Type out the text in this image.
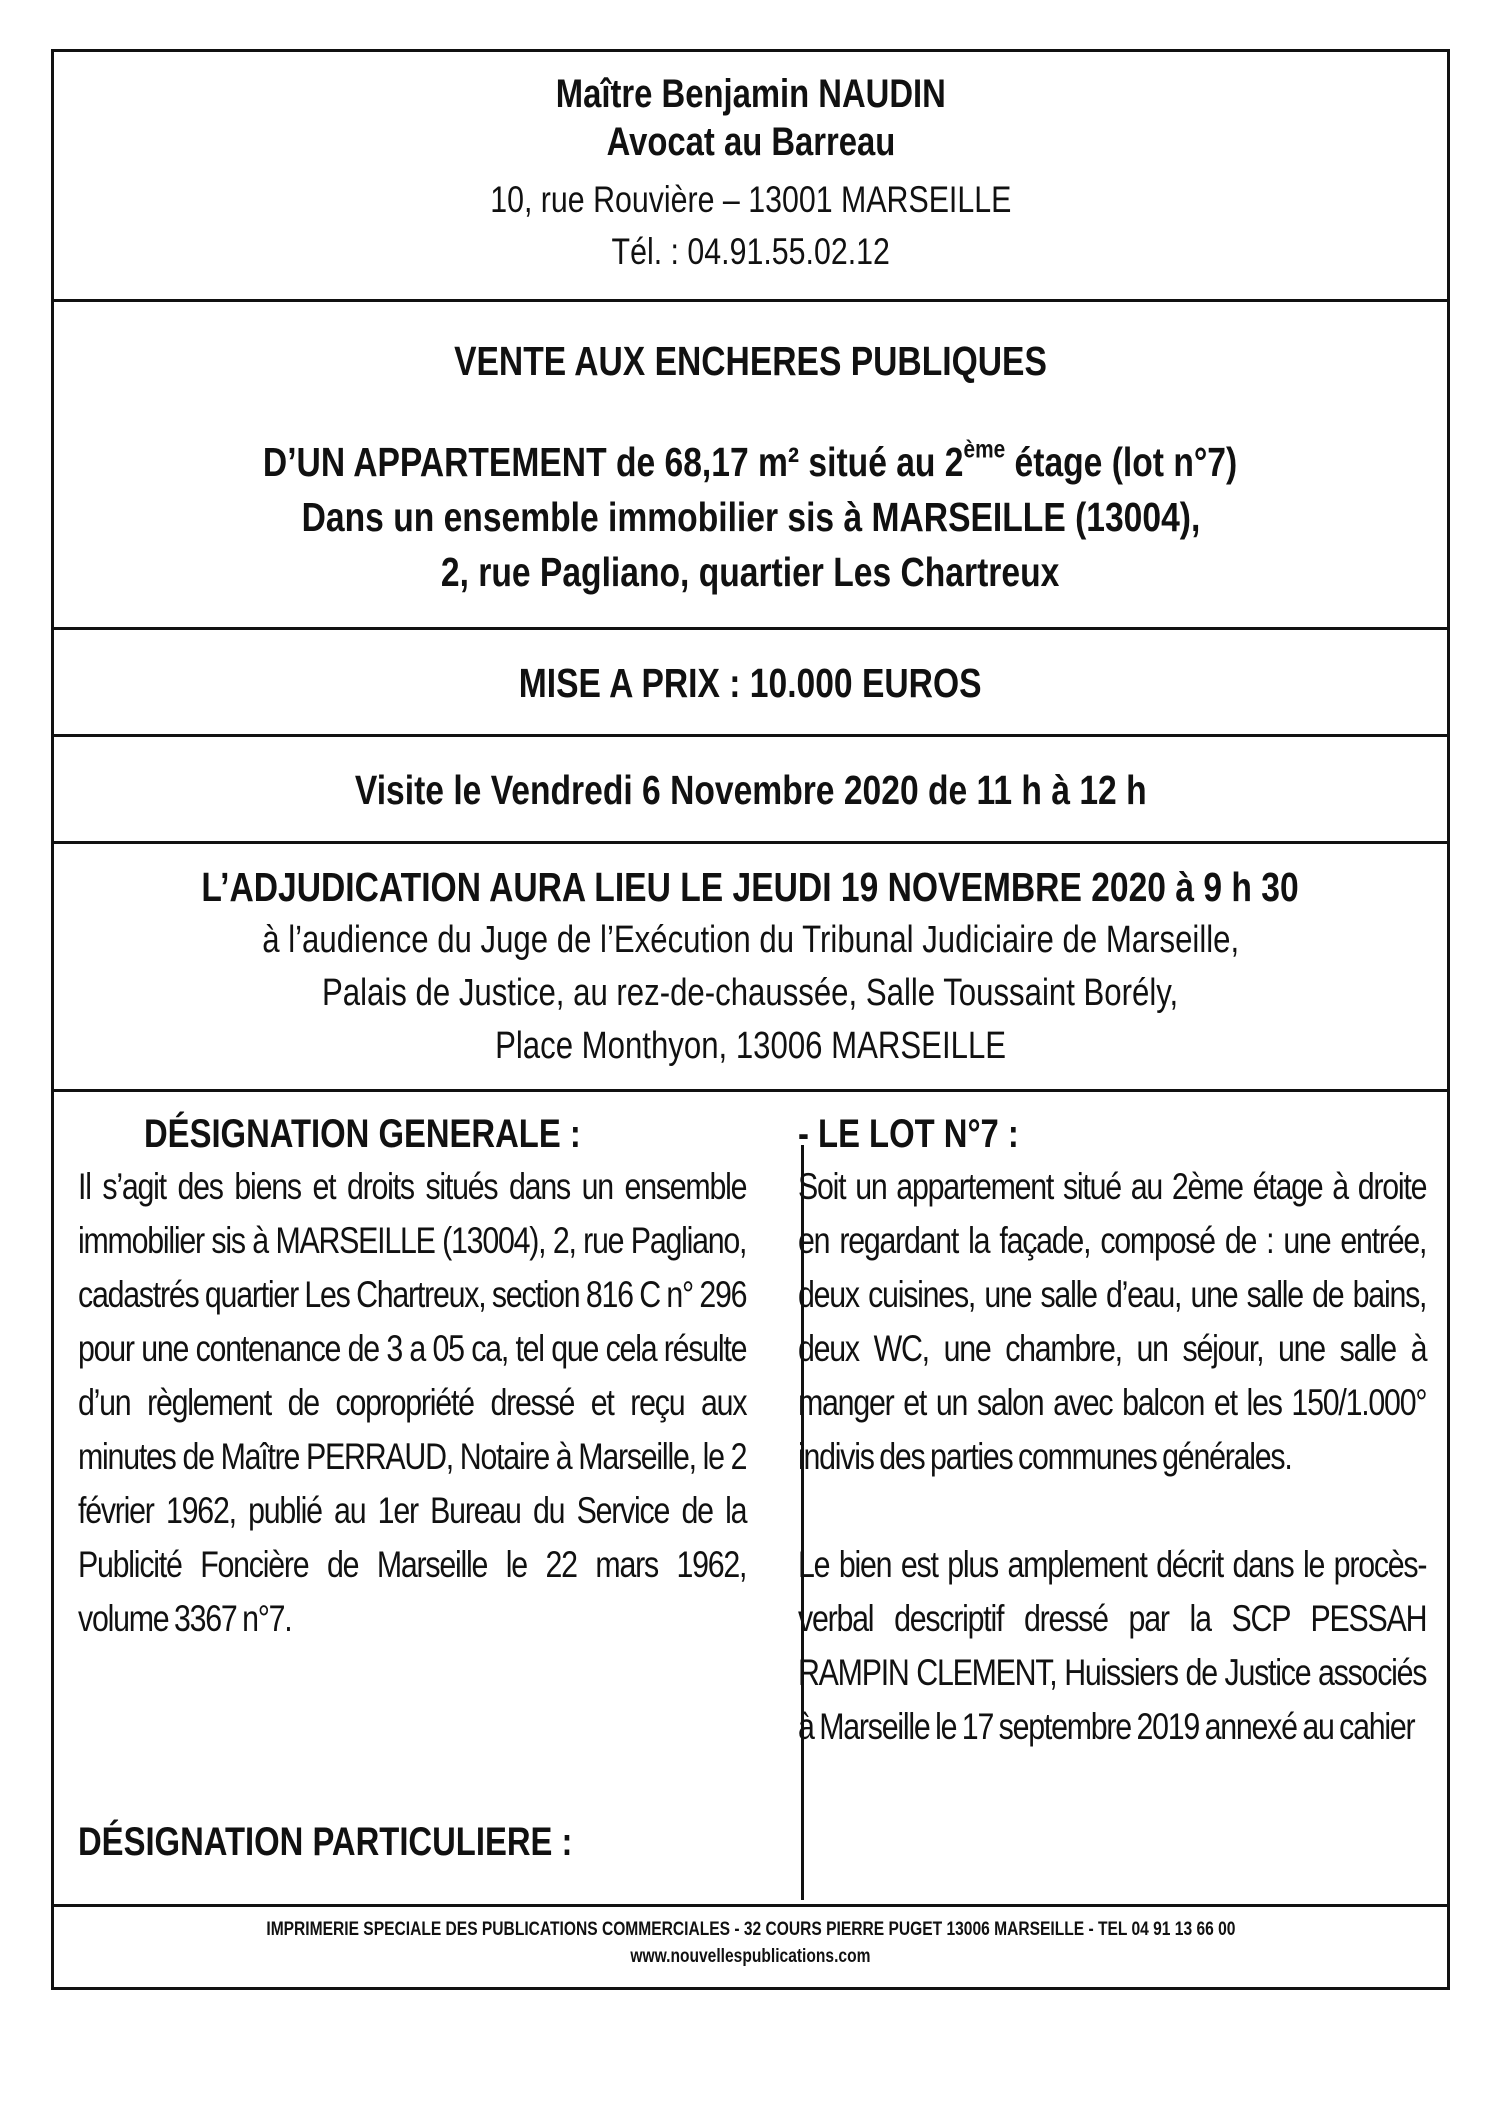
Maître Benjamin NAUDIN
Avocat au Barreau
10, rue Rouvière – 13001 MARSEILLE
Tél. : 04.91.55.02.12
VENTE AUX ENCHERES PUBLIQUES
D’UN APPARTEMENT de 68,17 m² situé au 2ème étage (lot n°7)
Dans un ensemble immobilier sis à MARSEILLE (13004),
2, rue Pagliano, quartier Les Chartreux
MISE A PRIX : 10.000 EUROS
Visite le Vendredi 6 Novembre 2020 de 11 h à 12 h
L’ADJUDICATION AURA LIEU LE JEUDI 19 NOVEMBRE 2020 à 9 h 30
à l’audience du Juge de l’Exécution du Tribunal Judiciaire de Marseille,
Palais de Justice, au rez-de-chaussée, Salle Toussaint Borély,
Place Monthyon, 13006 MARSEILLE
DÉSIGNATION GENERALE :
Il s’agit des biens et droits situés dans un ensemble immobilier sis à MARSEILLE (13004), 2, rue Pagliano, cadastrés quartier Les Chartreux, section 816 C n° 296 pour une contenance de 3 a 05 ca, tel que cela résulte d’un règlement de copropriété dressé et reçu aux minutes de Maître PERRAUD, Notaire à Marseille, le 2 février 1962, publié au 1er Bureau du Service de la Publicité Foncière de Marseille le 22 mars 1962, volume 3367 n°7.
DÉSIGNATION PARTICULIERE :
- LE LOT N°7 :
Soit un appartement situé au 2ème étage à droite en regardant la façade, composé de : une entrée, deux cuisines, une salle d’eau, une salle de bains, deux WC, une chambre, un séjour, une salle à manger et un salon avec balcon et les 150/1.000° indivis des parties communes générales.
Le bien est plus amplement décrit dans le procès-verbal descriptif dressé par la SCP PESSAH RAMPIN CLEMENT, Huissiers de Justice associés à Marseille le 17 septembre 2019 annexé au cahier
IMPRIMERIE SPECIALE DES PUBLICATIONS COMMERCIALES - 32 COURS PIERRE PUGET 13006 MARSEILLE - TEL 04 91 13 66 00
www.nouvellespublications.com
